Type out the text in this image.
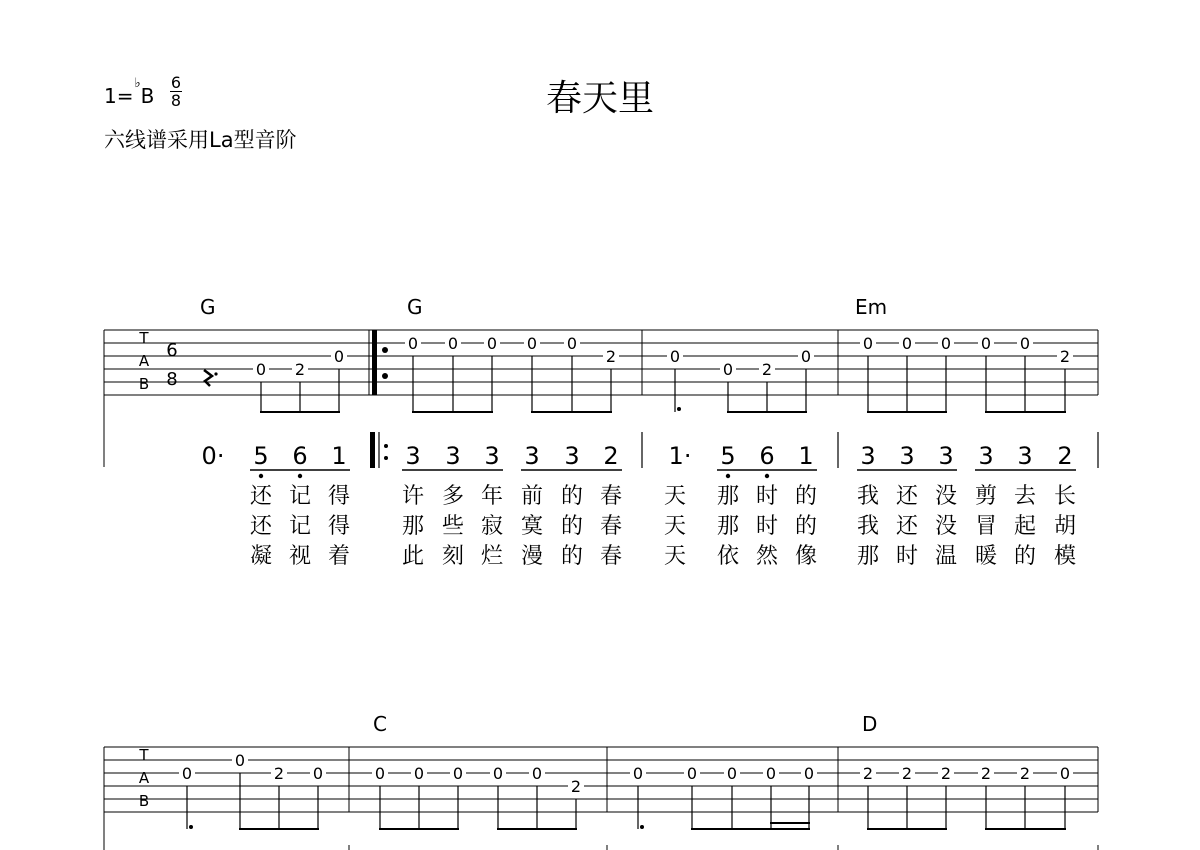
春天里
1=♭B
6
8
六线谱采用La型音阶
G	G	Em
C	D
T
A
B
6
8	0 2
0
0 0 0 0 0
2	0
0 2
0
0 0 0 0 0
2
0· 5 6 1 3 3 3 3 3 2 1· 5 6 1 3 3 3 3 3 2
T
A
B
0
0
2 0	0 0 0 0 0
2
0	0 0 0 0	2 2 2 2 2 0
还 记 得 许 多 年 前 的 春 天 那 时 的 我 还 没 剪 去 长
还 记 得 那 些 寂 寞 的 春 天 那 时 的 我 还 没 冒 起 胡
凝 视 着 此 刻 烂 漫 的 春 天 依 然 像 那 时 温 暖 的 模
